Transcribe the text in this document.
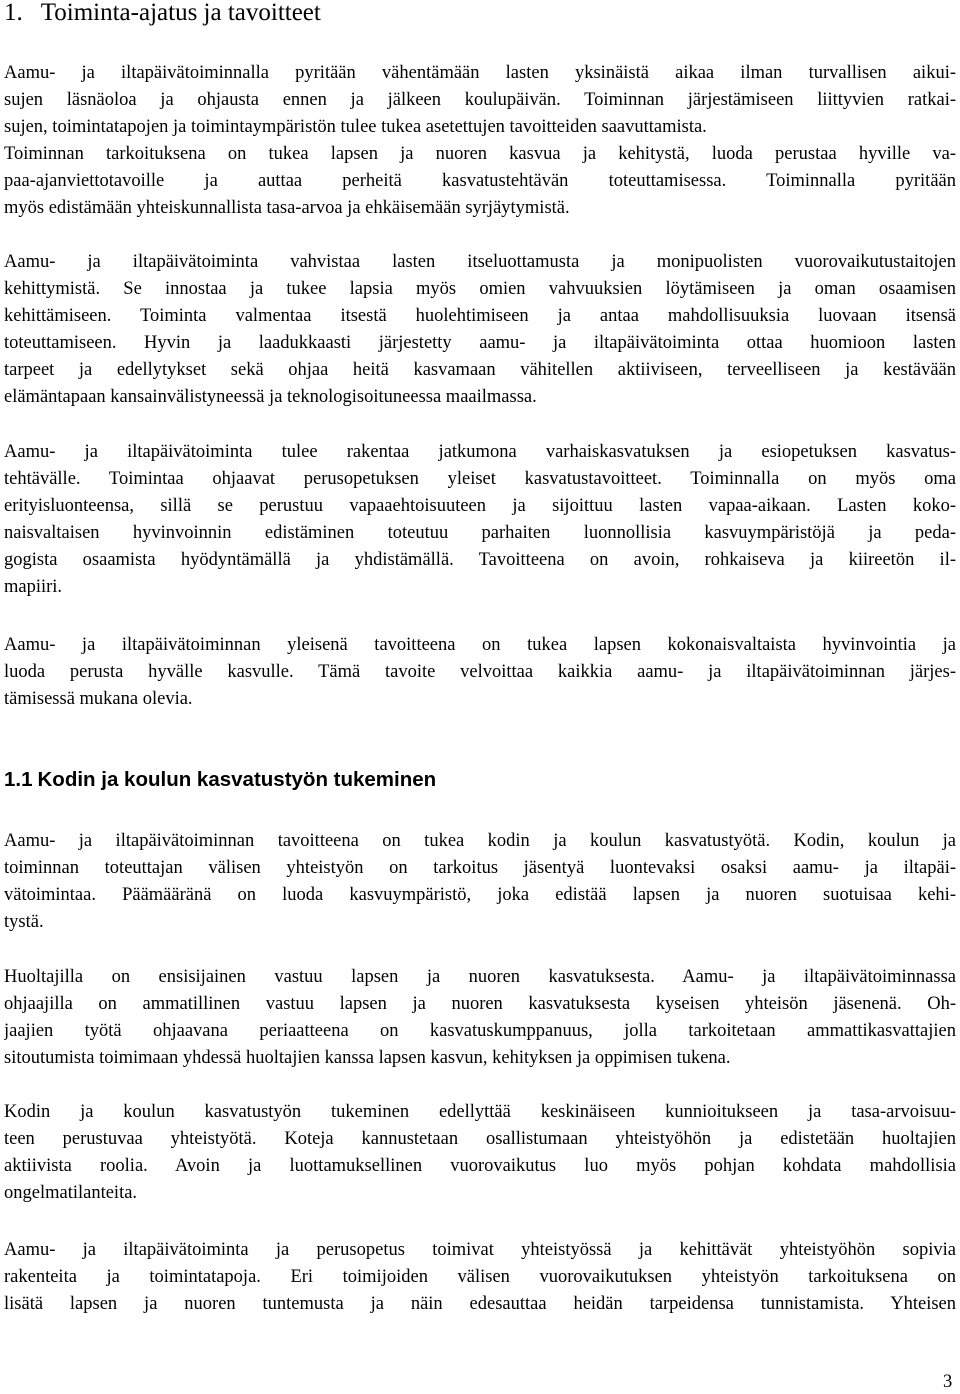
1. Toiminta-ajatus ja tavoitteet
Aamu- ja iltapäivätoiminnalla pyritään vähentämään lasten yksinäistä aikaa ilman turvallisen aikui-
sujen läsnäoloa ja ohjausta ennen ja jälkeen koulupäivän. Toiminnan järjestämiseen liittyvien ratkai-
sujen, toimintatapojen ja toimintaympäristön tulee tukea asetettujen tavoitteiden saavuttamista.
Toiminnan tarkoituksena on tukea lapsen ja nuoren kasvua ja kehitystä, luoda perustaa hyville va-
paa-ajanviettotavoille ja auttaa perheitä kasvatustehtävän toteuttamisessa. Toiminnalla pyritään
myös edistämään yhteiskunnallista tasa-arvoa ja ehkäisemään syrjäytymistä.
Aamu- ja iltapäivätoiminta vahvistaa lasten itseluottamusta ja monipuolisten vuorovaikutustaitojen
kehittymistä. Se innostaa ja tukee lapsia myös omien vahvuuksien löytämiseen ja oman osaamisen
kehittämiseen. Toiminta valmentaa itsestä huolehtimiseen ja antaa mahdollisuuksia luovaan itsensä
toteuttamiseen. Hyvin ja laadukkaasti järjestetty aamu- ja iltapäivätoiminta ottaa huomioon lasten
tarpeet ja edellytykset sekä ohjaa heitä kasvamaan vähitellen aktiiviseen, terveelliseen ja kestävään
elämäntapaan kansainvälistyneessä ja teknologisoituneessa maailmassa.
Aamu- ja iltapäivätoiminta tulee rakentaa jatkumona varhaiskasvatuksen ja esiopetuksen kasvatus-
tehtävälle. Toimintaa ohjaavat perusopetuksen yleiset kasvatustavoitteet. Toiminnalla on myös oma
erityisluonteensa, sillä se perustuu vapaaehtoisuuteen ja sijoittuu lasten vapaa-aikaan. Lasten koko-
naisvaltaisen hyvinvoinnin edistäminen toteutuu parhaiten luonnollisia kasvuympäristöjä ja peda-
gogista osaamista hyödyntämällä ja yhdistämällä. Tavoitteena on avoin, rohkaiseva ja kiireetön il-
mapiiri.
Aamu- ja iltapäivätoiminnan yleisenä tavoitteena on tukea lapsen kokonaisvaltaista hyvinvointia ja
luoda perusta hyvälle kasvulle. Tämä tavoite velvoittaa kaikkia aamu- ja iltapäivätoiminnan järjes-
tämisessä mukana olevia.
1.1 Kodin ja koulun kasvatustyön tukeminen
Aamu- ja iltapäivätoiminnan tavoitteena on tukea kodin ja koulun kasvatustyötä. Kodin, koulun ja
toiminnan toteuttajan välisen yhteistyön on tarkoitus jäsentyä luontevaksi osaksi aamu- ja iltapäi-
vätoimintaa. Päämääränä on luoda kasvuympäristö, joka edistää lapsen ja nuoren suotuisaa kehi-
tystä.
Huoltajilla on ensisijainen vastuu lapsen ja nuoren kasvatuksesta. Aamu- ja iltapäivätoiminnassa
ohjaajilla on ammatillinen vastuu lapsen ja nuoren kasvatuksesta kyseisen yhteisön jäsenenä. Oh-
jaajien työtä ohjaavana periaatteena on kasvatuskumppanuus, jolla tarkoitetaan ammattikasvattajien
sitoutumista toimimaan yhdessä huoltajien kanssa lapsen kasvun, kehityksen ja oppimisen tukena.
Kodin ja koulun kasvatustyön tukeminen edellyttää keskinäiseen kunnioitukseen ja tasa-arvoisuu-
teen perustuvaa yhteistyötä. Koteja kannustetaan osallistumaan yhteistyöhön ja edistetään huoltajien
aktiivista roolia. Avoin ja luottamuksellinen vuorovaikutus luo myös pohjan kohdata mahdollisia
ongelmatilanteita.
Aamu- ja iltapäivätoiminta ja perusopetus toimivat yhteistyössä ja kehittävät yhteistyöhön sopivia
rakenteita ja toimintatapoja. Eri toimijoiden välisen vuorovaikutuksen yhteistyön tarkoituksena on
lisätä lapsen ja nuoren tuntemusta ja näin edesauttaa heidän tarpeidensa tunnistamista. Yhteisen
3
